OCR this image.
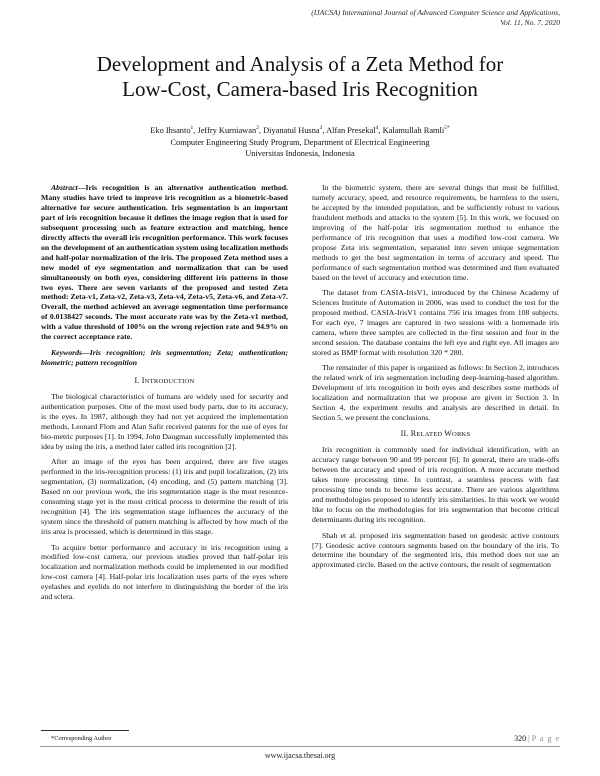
(IJACSA) International Journal of Advanced Computer Science and Applications,
Vol. 11, No. 7, 2020
Development and Analysis of a Zeta Method for
Low-Cost, Camera-based Iris Recognition
Eko Ihsanto$^1$, Jeffry Kurniawan$^2$, Diyanatul Husna$^3$, Alfan Presekal$^4$, Kalamullah Ramli$^{5*}$
Computer Engineering Study Program, Department of Electrical Engineering
Universitas Indonesia, Indonesia

Abstract—Iris recognition is an alternative authentication method. Many studies have tried to improve iris recognition as a biometric-based alternative for secure authentication. Iris segmentation is an important part of iris recognition because it defines the image region that is used for subsequent processing such as feature extraction and matching, hence directly affects the overall iris recognition performance. This work focuses on the development of an authentication system using localization methods and half-polar normalization of the iris. The proposed Zeta method uses a new model of eye segmentation and normalization that can be used simultaneously on both eyes, considering different iris patterns in those two eyes. There are seven variants of the proposed and tested Zeta method: Zeta-v1, Zeta-v2, Zeta-v3, Zeta-v4, Zeta-v5, Zeta-v6, and Zeta-v7. Overall, the method achieved an average segmentation time performance of 0.0138427 seconds. The most accurate rate was by the Zeta-v1 method, with a value threshold of 100% on the wrong rejection rate and 94.9% on the correct acceptance rate.

Keywords—Iris recognition; iris segmentation; Zeta; authentication; biometric; pattern recognition

I. INTRODUCTION

The biological characteristics of humans are widely used for security and authentication purposes. One of the most used body parts, due to its accuracy, is the eyes. In 1987, although they had not yet acquired the implementation methods, Leonard Flom and Alan Safir received patents for the use of eyes for bio-metric purposes [1]. In 1994, John Daugman successfully implemented this idea by using the iris, a method later called iris recognition [2].

After an image of the eyes has been acquired, there are five stages performed in the iris-recognition process: (1) iris and pupil localization, (2) iris segmentation, (3) normalization, (4) encoding, and (5) pattern matching [3]. Based on our previous work, the iris segmentation stage is the most resource-consuming stage yet is the most critical process to determine the result of iris recognition [4]. The iris segmentation stage influences the accuracy of the system since the threshold of pattern matching is affected by how much of the iris area is processed, which is determined in this stage.

To acquire better performance and accuracy in iris recognition using a modified low-cost camera, our previous studies proved that half-polar iris localization and normalization methods could be implemented in our modified low-cost camera [4]. Half-polar iris localization uses parts of the eyes where eyelashes and eyelids do not interfere in distinguishing the border of the iris and sclera.

In the biometric system, there are several things that must be fulfilled, namely accuracy, speed, and resource requirements, be harmless to the users, be accepted by the intended population, and be sufficiently robust to various fraudulent methods and attacks to the system [5]. In this work, we focused on improving of the half-polar iris segmentation method to enhance the performance of iris recognition that uses a modified low-cost camera. We propose Zeta iris segmentation, separated into seven unique segmentation methods to get the best segmentation in terms of accuracy and speed. The performance of each segmentation method was determined and then evaluated based on the level of accuracy and execution time.

The dataset from CASIA-IrisV1, introduced by the Chinese Academy of Sciences Institute of Automation in 2006, was used to conduct the test for the proposed method. CASIA-IrisV1 contains 756 iris images from 108 subjects. For each eye, 7 images are captured in two sessions with a homemade iris camera, where three samples are collected in the first session and four in the second session. The database contains the left eye and right eye. All images are stored as BMP format with resolution 320 * 280.

The remainder of this paper is organized as follows: In Section 2, introduces the related work of iris segmentation including deep-learning-based algorithm. Development of iris recognition in both eyes and describes some methods of localization and normalization that we propose are given in Section 3. In Section 4, the experiment results and analysis are described in detail. In Section 5, we present the conclusions.

II. RELATED WORKS

Iris recognition is commonly used for individual identification, with an accuracy range between 90 and 99 percent [6]. In general, there are trade-offs between the accuracy and speed of iris recognition. A more accurate method takes more processing time. In contrast, a seamless process with fast processing time tends to become less accurate. There are various algorithms and methodologies proposed to identify iris similarities. In this work we would like to focus on the methodologies for iris segmentation that become critical determinants during iris recognition.

Shah et al. proposed iris segmentation based on geodesic active contours [7]. Geodesic active contours segments based on the boundary of the iris. To determine the boundary of the segmented iris, this method does not use an approximated circle. Based on the active contours, the result of segmentation

*Corresponding Author	320 | P a g e
www.ijacsa.thesai.org
